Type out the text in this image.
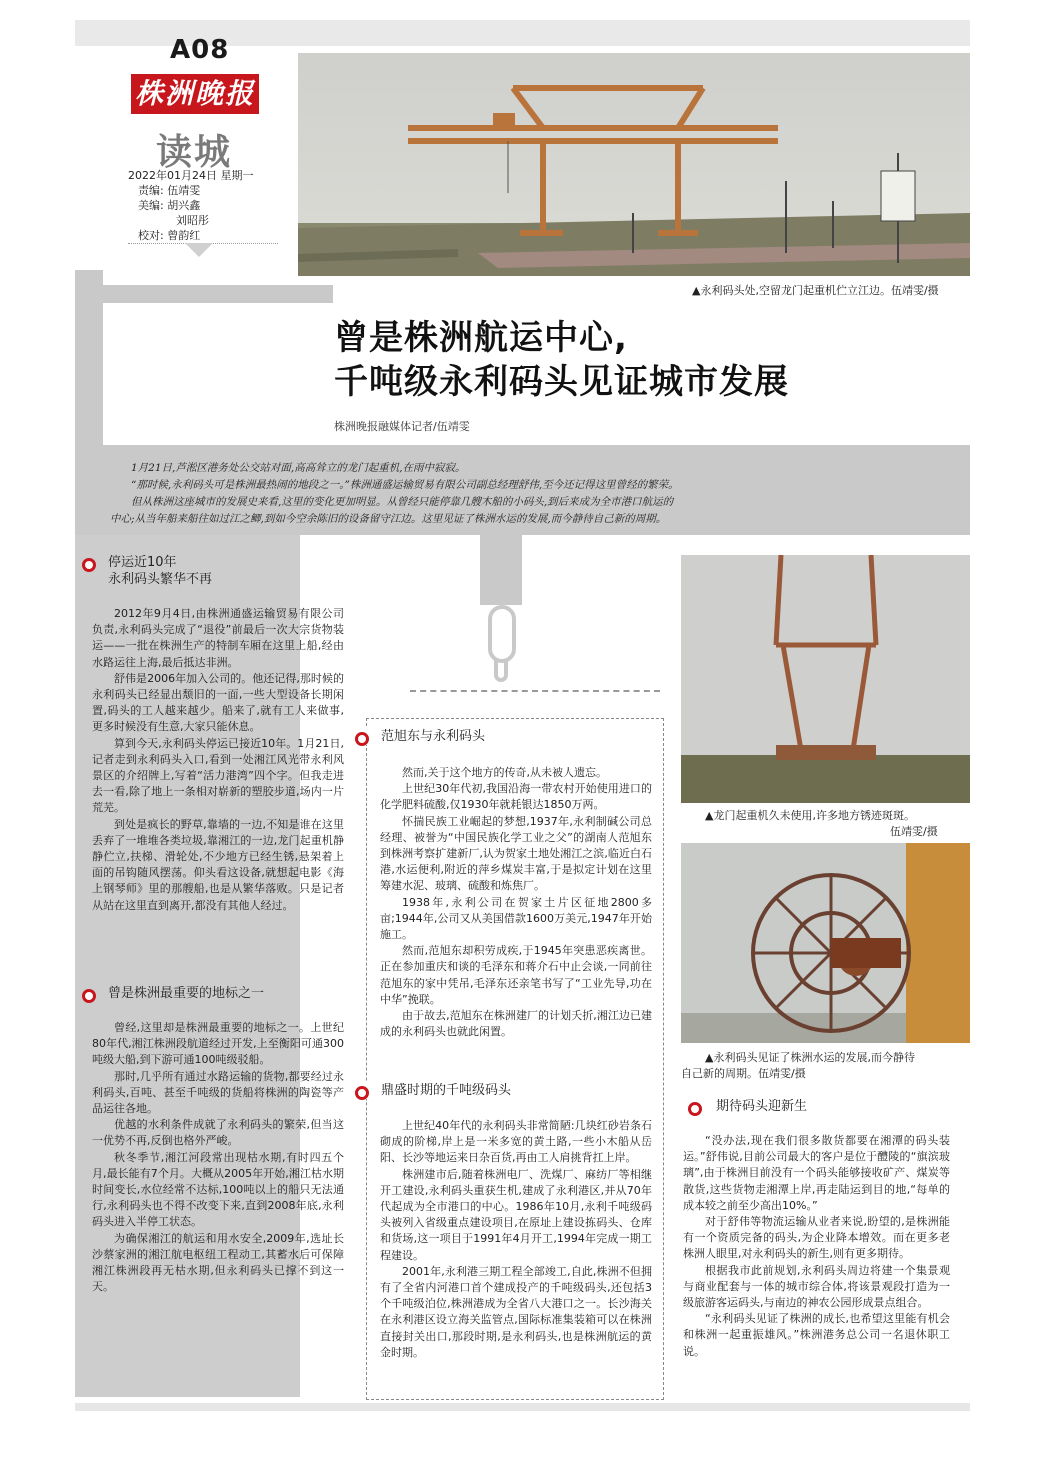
A08
株洲晚报
读城
2022年01月24日 星期一
责编: 伍靖雯
美编: 胡兴鑫
刘昭彤
校对: 曾韵红
▲永利码头处,空留龙门起重机伫立江边。伍靖雯/摄
曾是株洲航运中心,
千吨级永利码头见证城市发展
株洲晚报融媒体记者/伍靖雯

1月21日,芦淞区港务处公交站对面,高高耸立的龙门起重机,在雨中寂寂。

“那时候,永利码头可是株洲最热闹的地段之一。”株洲通盛运输贸易有限公司副总经理舒伟,至今还记得这里曾经的繁荣。

但从株洲这座城市的发展史来看,这里的变化更加明显。从曾经只能停靠几艘木船的小码头,到后来成为全市港口航运的

中心;从当年船来船往如过江之鲫,到如今空余陈旧的设备留守江边。这里见证了株洲水运的发展,而今静待自己新的周期。

停运近10年
永利码头繁华不再

2012年9月4日,由株洲通盛运输贸易有限公司负责,永利码头完成了“退役”前最后一次大宗货物装运——一批在株洲生产的特制车厢在这里上船,经由水路运往上海,最后抵达非洲。

舒伟是2006年加入公司的。他还记得,那时候的永利码头已经显出颓旧的一面,一些大型设备长期闲置,码头的工人越来越少。船来了,就有工人来做事,更多时候没有生意,大家只能休息。

算到今天,永利码头停运已接近10年。1月21日,记者走到永利码头入口,看到一处湘江风光带永利风景区的介绍牌上,写着“活力港湾”四个字。但我走进去一看,除了地上一条相对崭新的塑胶步道,场内一片荒芜。

到处是疯长的野草,靠墙的一边,不知是谁在这里丢弃了一堆堆各类垃圾,靠湘江的一边,龙门起重机静静伫立,扶梯、滑轮处,不少地方已经生锈,悬架着上面的吊钩随风摆荡。仰头看这设备,就想起电影《海上钢琴师》里的那艘船,也是从繁华落败。只是记者从站在这里直到离开,都没有其他人经过。

曾是株洲最重要的地标之一

曾经,这里却是株洲最重要的地标之一。上世纪80年代,湘江株洲段航道经过开发,上至衡阳可通300吨级大船,到下游可通100吨级驳船。

那时,几乎所有通过水路运输的货物,都要经过永利码头,百吨、甚至千吨级的货船将株洲的陶瓷等产品运往各地。

优越的水利条件成就了永利码头的繁荣,但当这一优势不再,反倒也格外严峻。

秋冬季节,湘江河段常出现枯水期,有时四五个月,最长能有7个月。大概从2005年开始,湘江枯水期时间变长,水位经常不达标,100吨以上的船只无法通行,永利码头也不得不改变下来,直到2008年底,永利码头进入半停工状态。

为确保湘江的航运和用水安全,2009年,选址长沙蔡家洲的湘江航电枢纽工程动工,其蓄水后可保障湘江株洲段再无枯水期,但永利码头已撑不到这一天。

范旭东与永利码头

然而,关于这个地方的传奇,从未被人遗忘。

上世纪30年代初,我国沿海一带农村开始使用进口的化学肥料硫酸,仅1930年就耗银达1850万两。

怀揣民族工业崛起的梦想,1937年,永利制碱公司总经理、被誉为“中国民族化学工业之父”的湖南人范旭东到株洲考察扩建新厂,认为贺家土地处湘江之滨,临近白石港,水运便利,附近的萍乡煤炭丰富,于是拟定计划在这里筹建水泥、玻璃、硫酸和炼焦厂。

1938年,永利公司在贺家土片区征地2800多亩;1944年,公司又从美国借款1600万美元,1947年开始施工。

然而,范旭东却积劳成疾,于1945年突患恶疾离世。正在参加重庆和谈的毛泽东和蒋介石中止会谈,一同前往范旭东的家中凭吊,毛泽东还亲笔书写了“工业先导,功在中华”挽联。

由于故去,范旭东在株洲建厂的计划夭折,湘江边已建成的永利码头也就此闲置。

鼎盛时期的千吨级码头

上世纪40年代的永利码头非常简陋:几块红砂岩条石砌成的阶梯,岸上是一米多宽的黄土路,一些小木船从岳阳、长沙等地运来日杂百货,再由工人肩挑背扛上岸。

株洲建市后,随着株洲电厂、洗煤厂、麻纺厂等相继开工建设,永利码头重获生机,建成了永利港区,并从70年代起成为全市港口的中心。1986年10月,永利千吨级码头被列入省级重点建设项目,在原址上建设拣码头、仓库和货场,这一项目于1991年4月开工,1994年完成一期工程建设。

2001年,永利港三期工程全部竣工,自此,株洲不但拥有了全省内河港口首个建成投产的千吨级码头,还包括3个千吨级泊位,株洲港成为全省八大港口之一。长沙海关在永利港区设立海关监管点,国际标准集装箱可以在株洲直接封关出口,那段时期,是永利码头,也是株洲航运的黄金时期。

▲龙门起重机久未使用,许多地方锈迹斑斑。
伍靖雯/摄
▲永利码头见证了株洲水运的发展,而今静待
自己新的周期。伍靖雯/摄
期待码头迎新生

“没办法,现在我们很多散货都要在湘潭的码头装运。”舒伟说,目前公司最大的客户是位于醴陵的“旗滨玻璃”,由于株洲目前没有一个码头能够接收矿产、煤炭等散货,这些货物走湘潭上岸,再走陆运到目的地,“每单的成本较之前至少高出10%。”

对于舒伟等物流运输从业者来说,盼望的,是株洲能有一个资质完备的码头,为企业降本增效。而在更多老株洲人眼里,对永利码头的新生,则有更多期待。

根据我市此前规划,永利码头周边将建一个集景观与商业配套与一体的城市综合体,将该景观段打造为一级旅游客运码头,与南边的神农公园形成景点组合。

“永利码头见证了株洲的成长,也希望这里能有机会和株洲一起重振雄风。”株洲港务总公司一名退休职工说。
